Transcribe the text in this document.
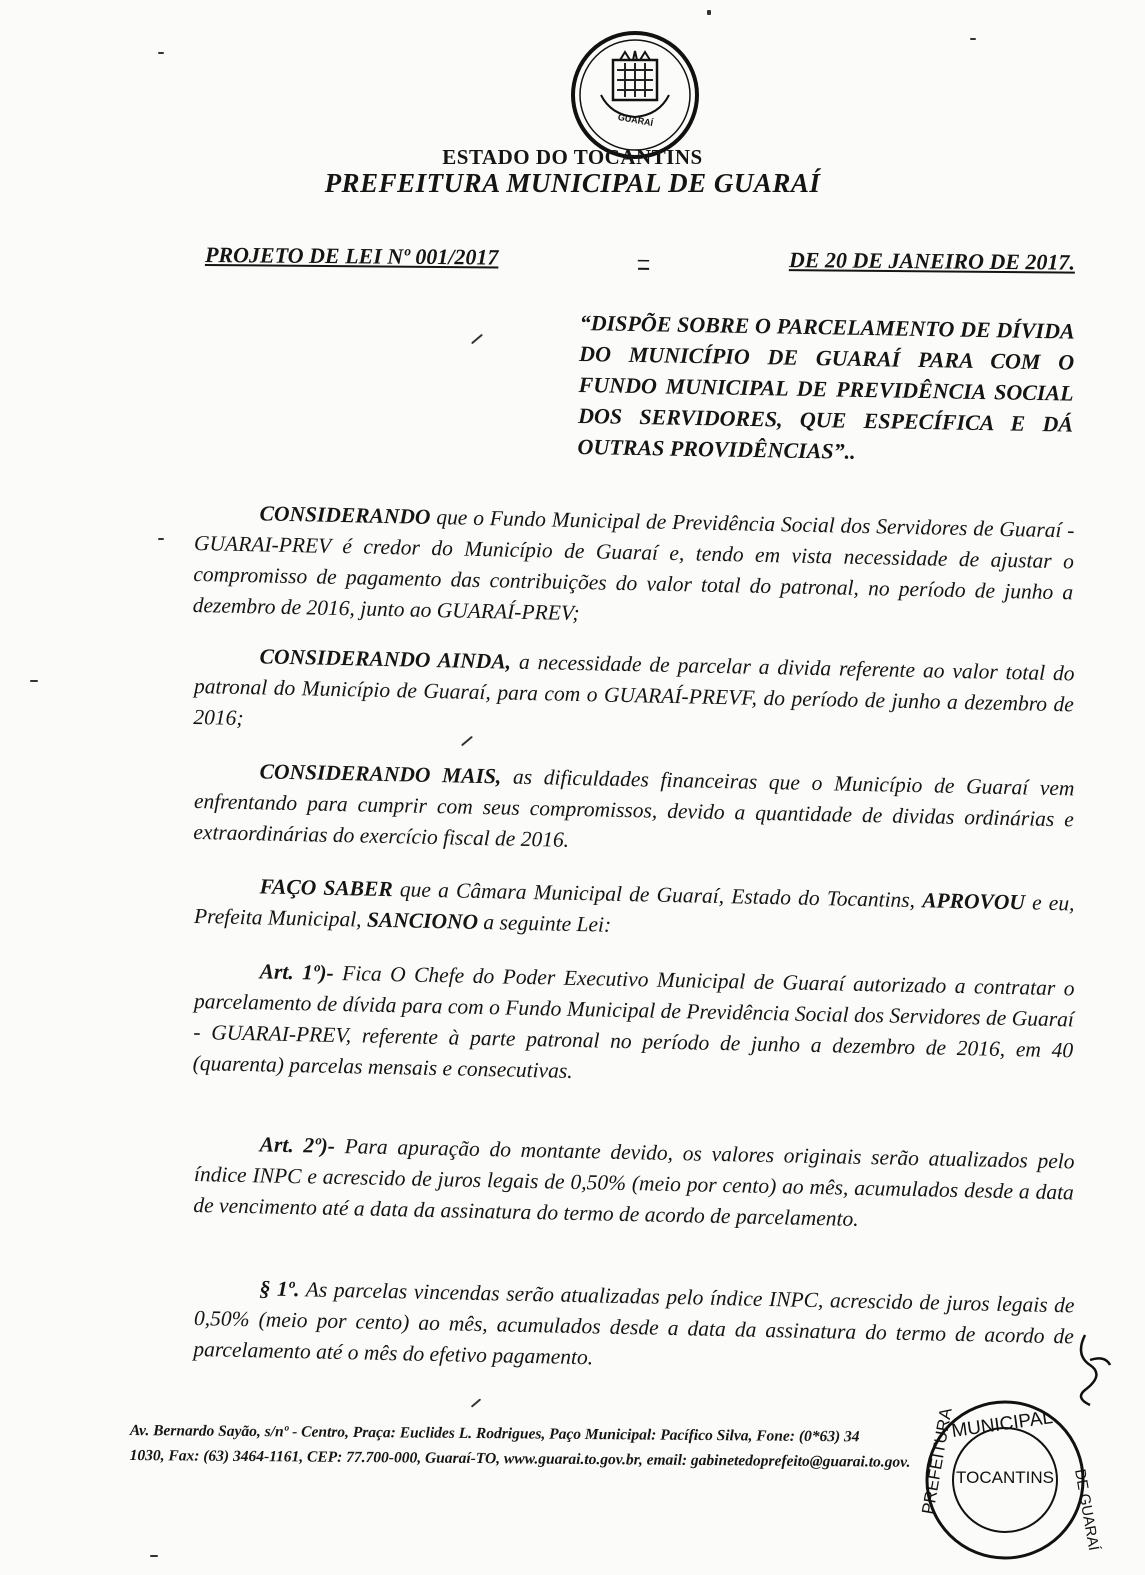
GUARAÍ
ESTADO DO TOCANTINS
PREFEITURA MUNICIPAL DE GUARAÍ
PROJETO DE LEI Nº 001/2017	–	DE 20 DE JANEIRO DE 2017.
“DISPÕE SOBRE O PARCELAMENTO DE DÍVIDA DO MUNICÍPIO DE GUARAÍ PARA COM O FUNDO MUNICIPAL DE PREVIDÊNCIA SOCIAL DOS SERVIDORES, QUE ESPECÍFICA E DÁ OUTRAS PROVIDÊNCIAS”..

CONSIDERANDO que o Fundo Municipal de Previdência Social dos Servidores de Guaraí - GUARAI-PREV é credor do Município de Guaraí e, tendo em vista necessidade de ajustar o compromisso de pagamento das contribuições do valor total do patronal, no período de junho a dezembro de 2016, junto ao GUARAÍ-PREV;

CONSIDERANDO AINDA, a necessidade de parcelar a divida referente ao valor total do patronal do Município de Guaraí, para com o GUARAÍ-PREVF, do período de junho a dezembro de 2016;

CONSIDERANDO MAIS, as dificuldades financeiras que o Município de Guaraí vem enfrentando para cumprir com seus compromissos, devido a quantidade de dividas ordinárias e extraordinárias do exercício fiscal de 2016.

FAÇO SABER que a Câmara Municipal de Guaraí, Estado do Tocantins, APROVOU e eu, Prefeita Municipal, SANCIONO a seguinte Lei:

Art. 1º)- Fica O Chefe do Poder Executivo Municipal de Guaraí autorizado a contratar o parcelamento de dívida para com o Fundo Municipal de Previdência Social dos Servidores de Guaraí - GUARAI-PREV, referente à parte patronal no período de junho a dezembro de 2016, em 40 (quarenta) parcelas mensais e consecutivas.

Art. 2º)- Para apuração do montante devido, os valores originais serão atualizados pelo índice INPC e acrescido de juros legais de 0,50% (meio por cento) ao mês, acumulados desde a data de vencimento até a data da assinatura do termo de acordo de parcelamento.

§ 1º. As parcelas vincendas serão atualizadas pelo índice INPC, acrescido de juros legais de 0,50% (meio por cento) ao mês, acumulados desde a data da assinatura do termo de acordo de parcelamento até o mês do efetivo pagamento.

Av. Bernardo Sayão, s/nº - Centro, Praça: Euclides L. Rodrigues, Paço Municipal: Pacífico Silva, Fone: (0*63) 34
1030, Fax: (63) 3464-1161, CEP: 77.700-000, Guaraí-TO, www.guarai.to.gov.br, email: gabinetedoprefeito@guarai.to.gov.
MUNICIPAL
PREFEITURA	DE GUARAÍ
TOCANTINS
